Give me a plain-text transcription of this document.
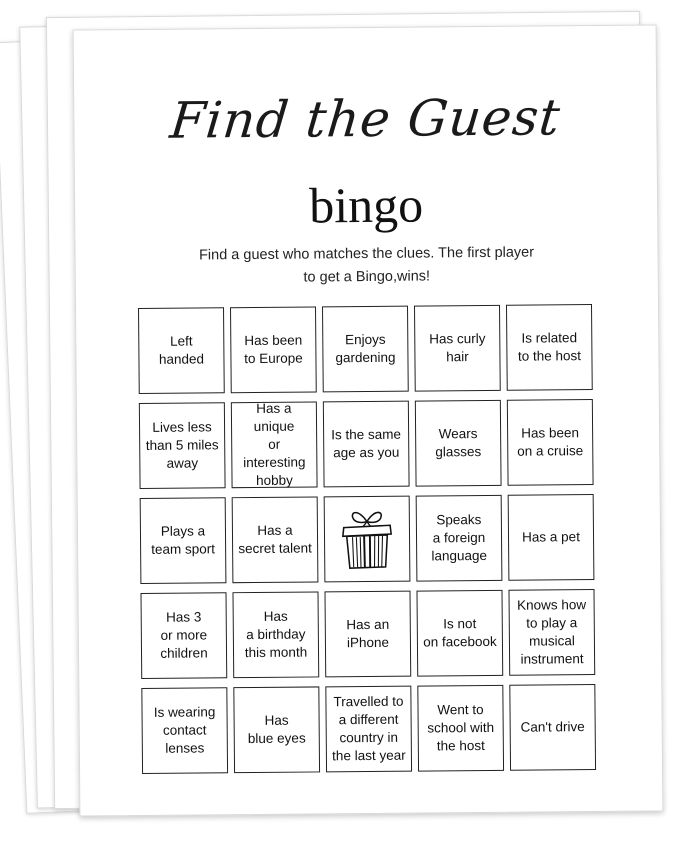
Find the Guest
bingo
Find a guest who matches the clues. The first player
to get a Bingo,wins!
Left
handed
Has been
to Europe
Enjoys
gardening
Has curly
hair
Is related
to the host
Lives less
than 5 miles
away
Has a unique
or interesting
hobby
Is the same
age as you
Wears
glasses
Has been
on a cruise
Plays a
team sport
Has a
secret talent
Speaks
a foreign
language
Has a pet
Has 3
or more
children
Has
a birthday
this month
Has an
iPhone
Is not
on facebook
Knows how
to play a
musical
instrument
Is wearing
contact
lenses
Has
blue eyes
Travelled to
a different
country in
the last year
Went to
school with
the host
Can't drive
